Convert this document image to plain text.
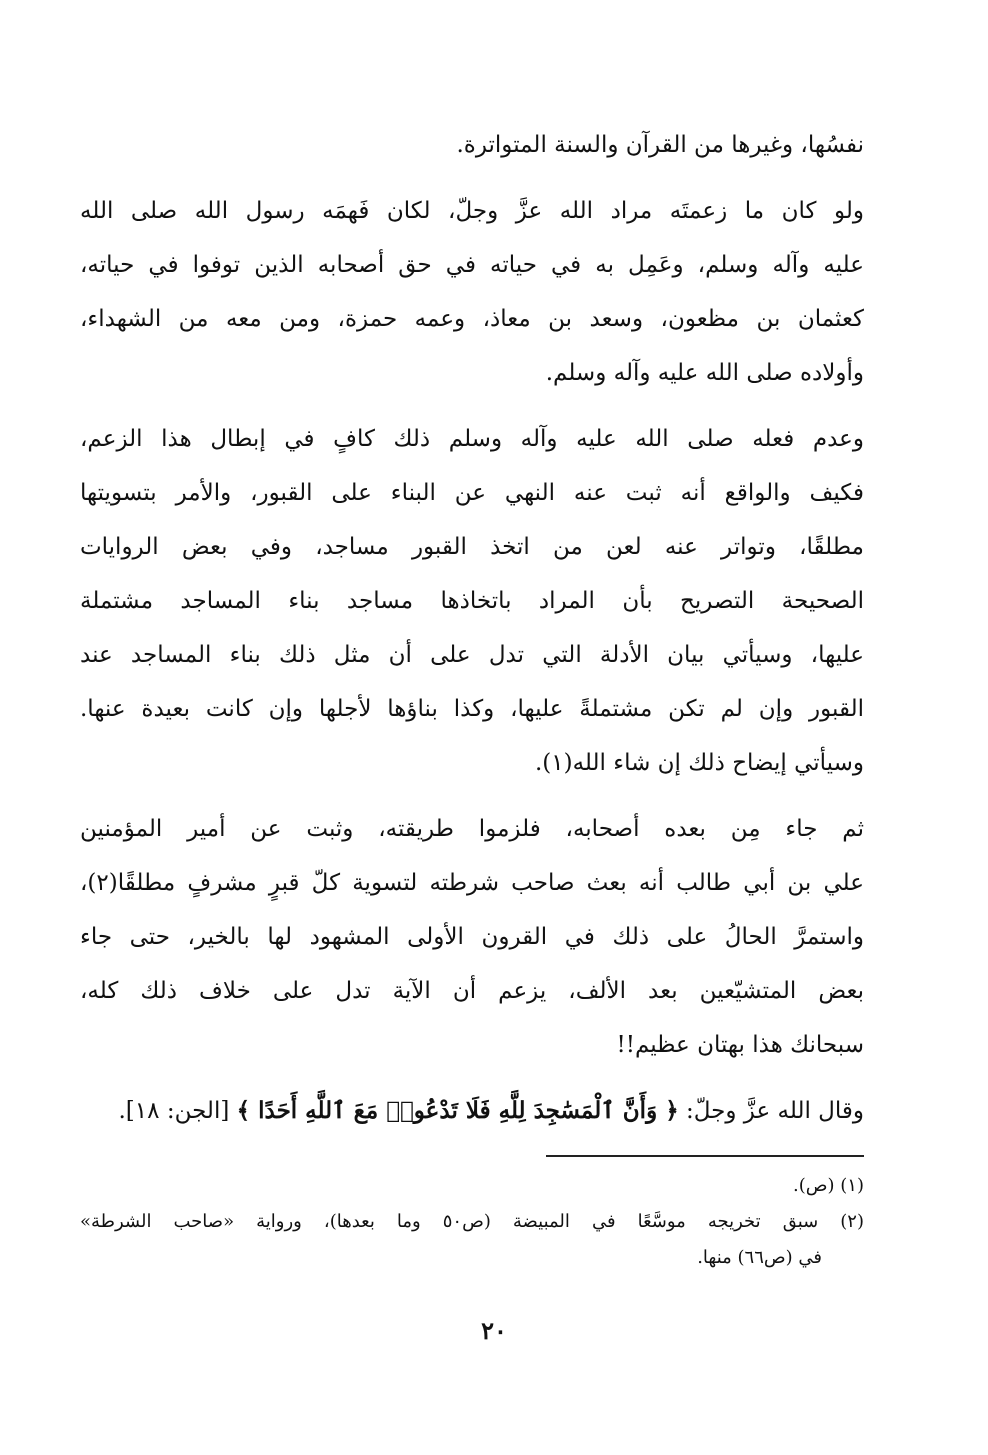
نفسُها، وغيرها من القرآن والسنة المتواترة.
ولو كان ما زعمتَه مراد الله عزَّ وجلّ، لكان فَهمَه رسول الله صلى الله
عليه وآله وسلم، وعَمِل به في حياته في حق أصحابه الذين توفوا في حياته،
كعثمان بن مظعون، وسعد بن معاذ، وعمه حمزة، ومن معه من الشهداء،
وأولاده صلى الله عليه وآله وسلم.
وعدم فعله صلى الله عليه وآله وسلم ذلك كافٍ في إبطال هذا الزعم،
فكيف والواقع أنه ثبت عنه النهي عن البناء على القبور، والأمر بتسويتها
مطلقًا، وتواتر عنه لعن من اتخذ القبور مساجد، وفي بعض الروايات
الصحيحة التصريح بأن المراد باتخاذها مساجد بناء المساجد مشتملة
عليها، وسيأتي بيان الأدلة التي تدل على أن مثل ذلك بناء المساجد عند
القبور وإن لم تكن مشتملةً عليها، وكذا بناؤها لأجلها وإن كانت بعيدة عنها.
وسيأتي إيضاح ذلك إن شاء الله(١).
ثم جاء مِن بعده أصحابه، فلزموا طريقته، وثبت عن أمير المؤمنين
علي بن أبي طالب أنه بعث صاحب شرطته لتسوية كلّ قبرٍ مشرفٍ مطلقًا(٢)،
واستمرَّ الحالُ على ذلك في القرون الأولى المشهود لها بالخير، حتى جاء
بعض المتشيّعين بعد الألف، يزعم أن الآية تدل على خلاف ذلك كله،
سبحانك هذا بهتان عظيم!!
وقال الله عزَّ وجلّ: ﴿ وَأَنَّ ٱلْمَسَٰجِدَ لِلَّهِ فَلَا تَدْعُوا۟ مَعَ ٱللَّهِ أَحَدًا ﴾ [الجن: ١٨].
(١) (ص).
(٢) سبق تخريجه موسَّعًا في المبيضة (ص٥٠ وما بعدها)، ورواية «صاحب الشرطة»
في (ص٦٦) منها.
٢٠
